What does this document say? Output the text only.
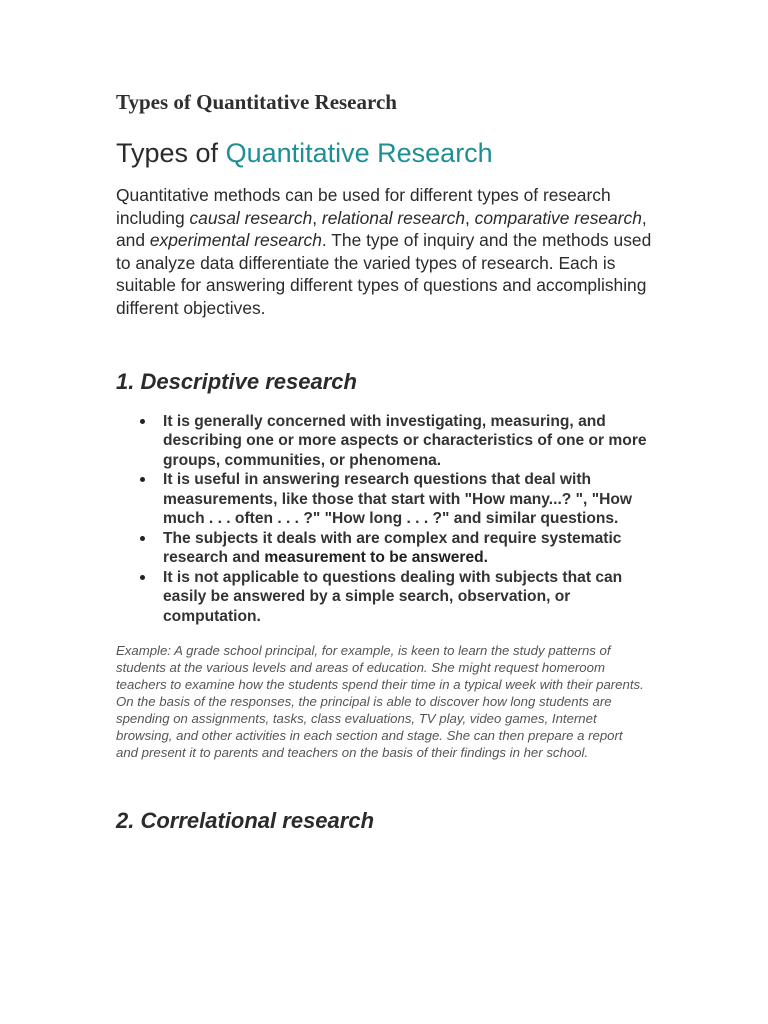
Types of Quantitative Research
Types of Quantitative Research

Quantitative methods can be used for different types of research including causal research, relational research, comparative research, and experimental research. The type of inquiry and the methods used to analyze data differentiate the varied types of research. Each is suitable for answering different types of questions and accomplishing different objectives.

1. Descriptive research
It is generally concerned with investigating, measuring, and describing one or more aspects or characteristics of one or more groups, communities, or phenomena.
It is useful in answering research questions that deal with measurements, like those that start with "How many...? ", "How much . . . often . . . ?" "How long . . . ?" and similar questions.
The subjects it deals with are complex and require systematic research and measurement to be answered.
It is not applicable to questions dealing with subjects that can easily be answered by a simple search, observation, or computation.

Example: A grade school principal, for example, is keen to learn the study patterns of students at the various levels and areas of education. She might request homeroom teachers to examine how the students spend their time in a typical week with their parents. On the basis of the responses, the principal is able to discover how long students are spending on assignments, tasks, class evaluations, TV play, video games, Internet browsing, and other activities in each section and stage. She can then prepare a report and present it to parents and teachers on the basis of their findings in her school.

2. Correlational research
